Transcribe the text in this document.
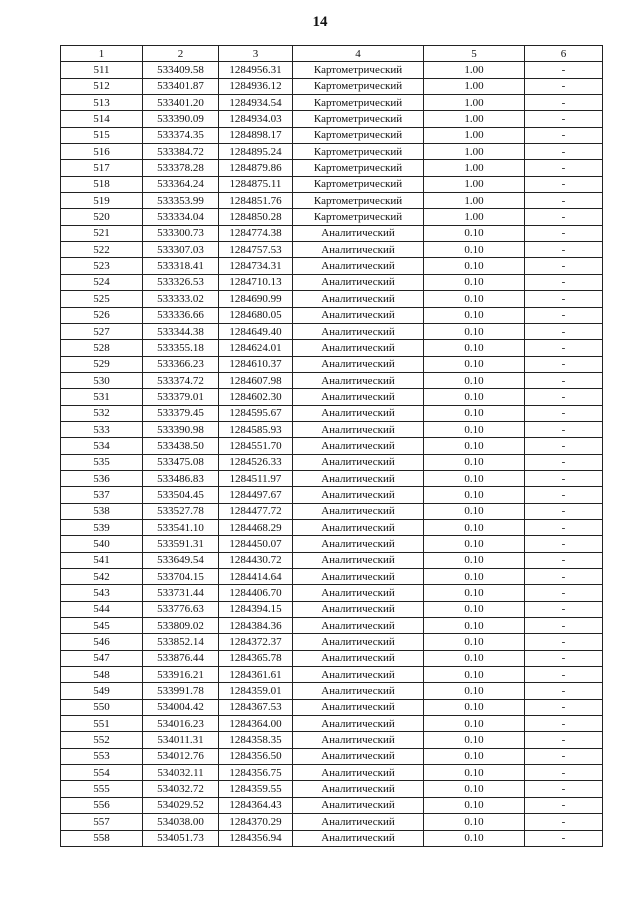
14
1	2	3	4	5	6
511	533409.58	1284956.31	Картометрический	1.00	-
512	533401.87	1284936.12	Картометрический	1.00	-
513	533401.20	1284934.54	Картометрический	1.00	-
514	533390.09	1284934.03	Картометрический	1.00	-
515	533374.35	1284898.17	Картометрический	1.00	-
516	533384.72	1284895.24	Картометрический	1.00	-
517	533378.28	1284879.86	Картометрический	1.00	-
518	533364.24	1284875.11	Картометрический	1.00	-
519	533353.99	1284851.76	Картометрический	1.00	-
520	533334.04	1284850.28	Картометрический	1.00	-
521	533300.73	1284774.38	Аналитический	0.10	-
522	533307.03	1284757.53	Аналитический	0.10	-
523	533318.41	1284734.31	Аналитический	0.10	-
524	533326.53	1284710.13	Аналитический	0.10	-
525	533333.02	1284690.99	Аналитический	0.10	-
526	533336.66	1284680.05	Аналитический	0.10	-
527	533344.38	1284649.40	Аналитический	0.10	-
528	533355.18	1284624.01	Аналитический	0.10	-
529	533366.23	1284610.37	Аналитический	0.10	-
530	533374.72	1284607.98	Аналитический	0.10	-
531	533379.01	1284602.30	Аналитический	0.10	-
532	533379.45	1284595.67	Аналитический	0.10	-
533	533390.98	1284585.93	Аналитический	0.10	-
534	533438.50	1284551.70	Аналитический	0.10	-
535	533475.08	1284526.33	Аналитический	0.10	-
536	533486.83	1284511.97	Аналитический	0.10	-
537	533504.45	1284497.67	Аналитический	0.10	-
538	533527.78	1284477.72	Аналитический	0.10	-
539	533541.10	1284468.29	Аналитический	0.10	-
540	533591.31	1284450.07	Аналитический	0.10	-
541	533649.54	1284430.72	Аналитический	0.10	-
542	533704.15	1284414.64	Аналитический	0.10	-
543	533731.44	1284406.70	Аналитический	0.10	-
544	533776.63	1284394.15	Аналитический	0.10	-
545	533809.02	1284384.36	Аналитический	0.10	-
546	533852.14	1284372.37	Аналитический	0.10	-
547	533876.44	1284365.78	Аналитический	0.10	-
548	533916.21	1284361.61	Аналитический	0.10	-
549	533991.78	1284359.01	Аналитический	0.10	-
550	534004.42	1284367.53	Аналитический	0.10	-
551	534016.23	1284364.00	Аналитический	0.10	-
552	534011.31	1284358.35	Аналитический	0.10	-
553	534012.76	1284356.50	Аналитический	0.10	-
554	534032.11	1284356.75	Аналитический	0.10	-
555	534032.72	1284359.55	Аналитический	0.10	-
556	534029.52	1284364.43	Аналитический	0.10	-
557	534038.00	1284370.29	Аналитический	0.10	-
558	534051.73	1284356.94	Аналитический	0.10	-
